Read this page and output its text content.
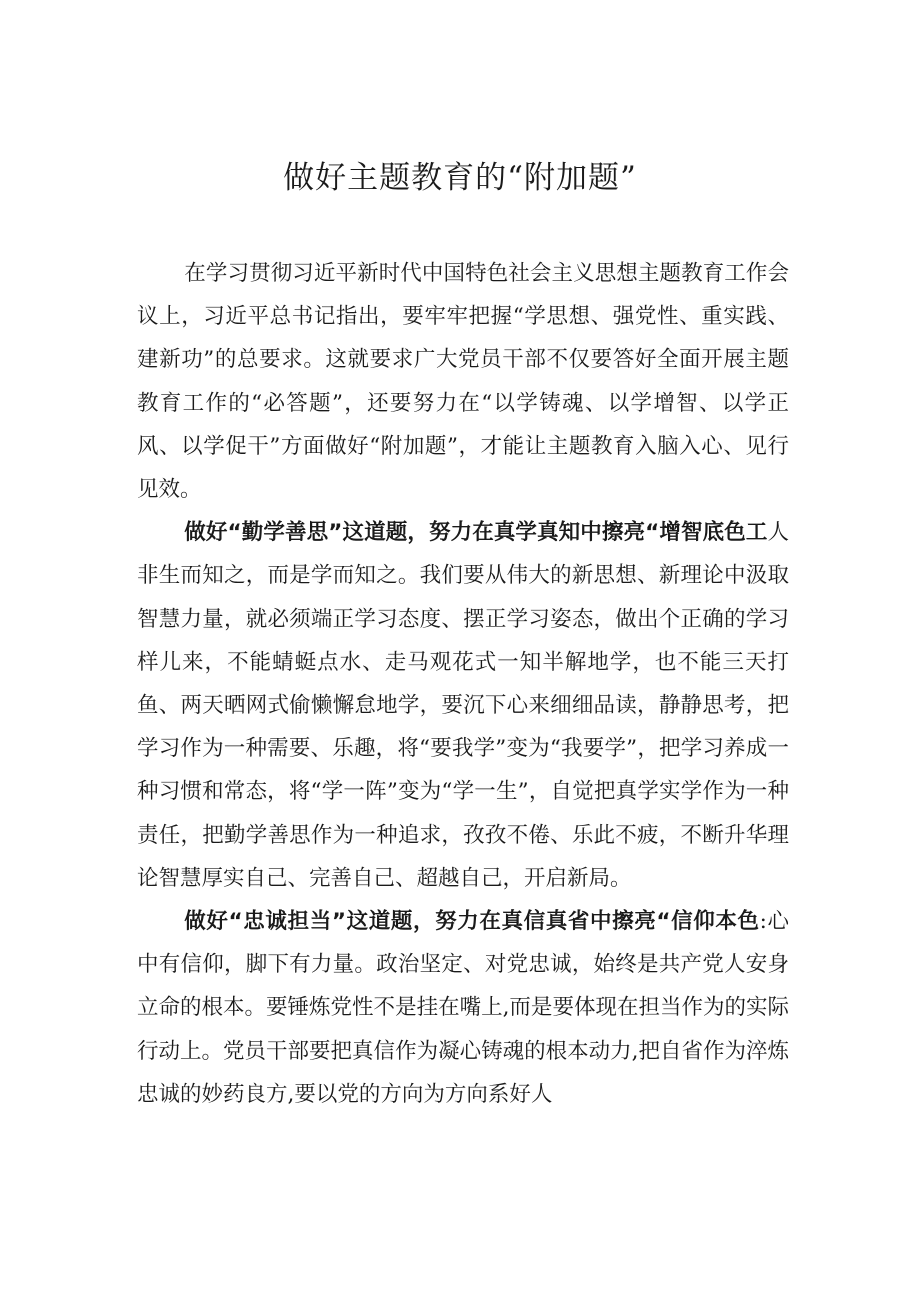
做好主题教育的“附加题”

在学习贯彻习近平新时代中国特色社会主义思想主题教育工作会议上，习近平总书记指出，要牢牢把握“学思想、强党性、重实践、建新功”的总要求。这就要求广大党员干部不仅要答好全面开展主题教育工作的“必答题”，还要努力在“以学铸魂、以学增智、以学正风、以学促干”方面做好“附加题”，才能让主题教育入脑入心、见行见效。

做好“勤学善思”这道题，努力在真学真知中擦亮“增智底色工人非生而知之，而是学而知之。我们要从伟大的新思想、新理论中汲取智慧力量，就必须端正学习态度、摆正学习姿态，做出个正确的学习样儿来，不能蜻蜓点水、走马观花式一知半解地学，也不能三天打鱼、两天晒网式偷懒懈怠地学，要沉下心来细细品读，静静思考，把学习作为一种需要、乐趣，将“要我学”变为“我要学”，把学习养成一种习惯和常态，将“学一阵”变为“学一生”，自觉把真学实学作为一种责任，把勤学善思作为一种追求，孜孜不倦、乐此不疲，不断升华理论智慧厚实自己、完善自己、超越自己，开启新局。

做好“忠诚担当”这道题，努力在真信真省中擦亮“信仰本色:心中有信仰，脚下有力量。政治坚定、对党忠诚，始终是共产党人安身立命的根本。要锤炼党性不是挂在嘴上,而是要体现在担当作为的实际行动上。党员干部要把真信作为凝心铸魂的根本动力,把自省作为淬炼忠诚的妙药良方,要以党的方向为方向系好人
